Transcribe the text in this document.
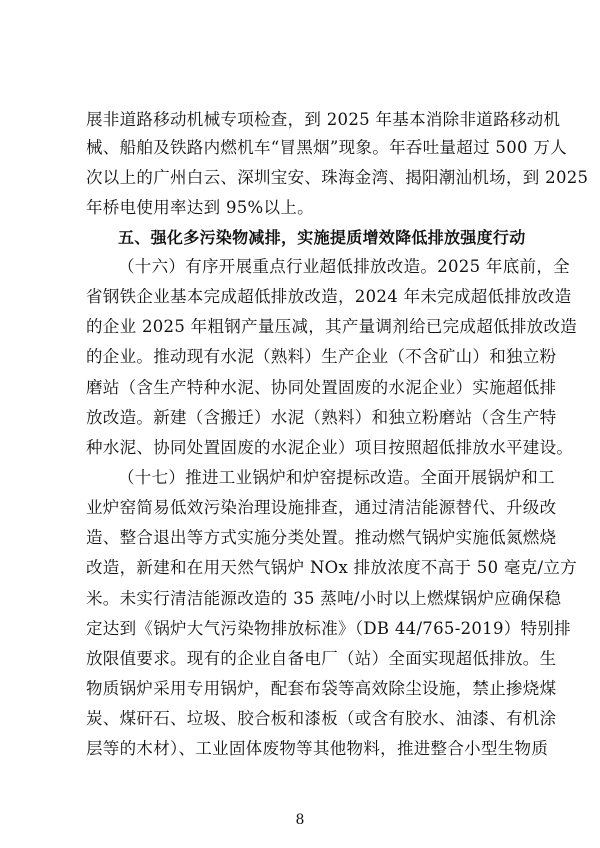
展非道路移动机械专项检查，到 2025 年基本消除非道路移动机
械、船舶及铁路内燃机车“冒黑烟”现象。年吞吐量超过 500 万人
次以上的广州白云、深圳宝安、珠海金湾、揭阳潮汕机场，到 2025
年桥电使用率达到 95%以上。
五、强化多污染物减排，实施提质增效降低排放强度行动
（十六）有序开展重点行业超低排放改造。2025 年底前，全
省钢铁企业基本完成超低排放改造，2024 年未完成超低排放改造
的企业 2025 年粗钢产量压减，其产量调剂给已完成超低排放改造
的企业。推动现有水泥（熟料）生产企业（不含矿山）和独立粉
磨站（含生产特种水泥、协同处置固废的水泥企业）实施超低排
放改造。新建（含搬迁）水泥（熟料）和独立粉磨站（含生产特
种水泥、协同处置固废的水泥企业）项目按照超低排放水平建设。
（十七）推进工业锅炉和炉窑提标改造。全面开展锅炉和工
业炉窑简易低效污染治理设施排查，通过清洁能源替代、升级改
造、整合退出等方式实施分类处置。推动燃气锅炉实施低氮燃烧
改造，新建和在用天然气锅炉 NOx 排放浓度不高于 50 毫克/立方
米。未实行清洁能源改造的 35 蒸吨/小时以上燃煤锅炉应确保稳
定达到《锅炉大气污染物排放标准》（DB 44/765-2019）特别排
放限值要求。现有的企业自备电厂（站）全面实现超低排放。生
物质锅炉采用专用锅炉，配套布袋等高效除尘设施，禁止掺烧煤
炭、煤矸石、垃圾、胶合板和漆板（或含有胶水、油漆、有机涂
层等的木材）、工业固体废物等其他物料，推进整合小型生物质
8
